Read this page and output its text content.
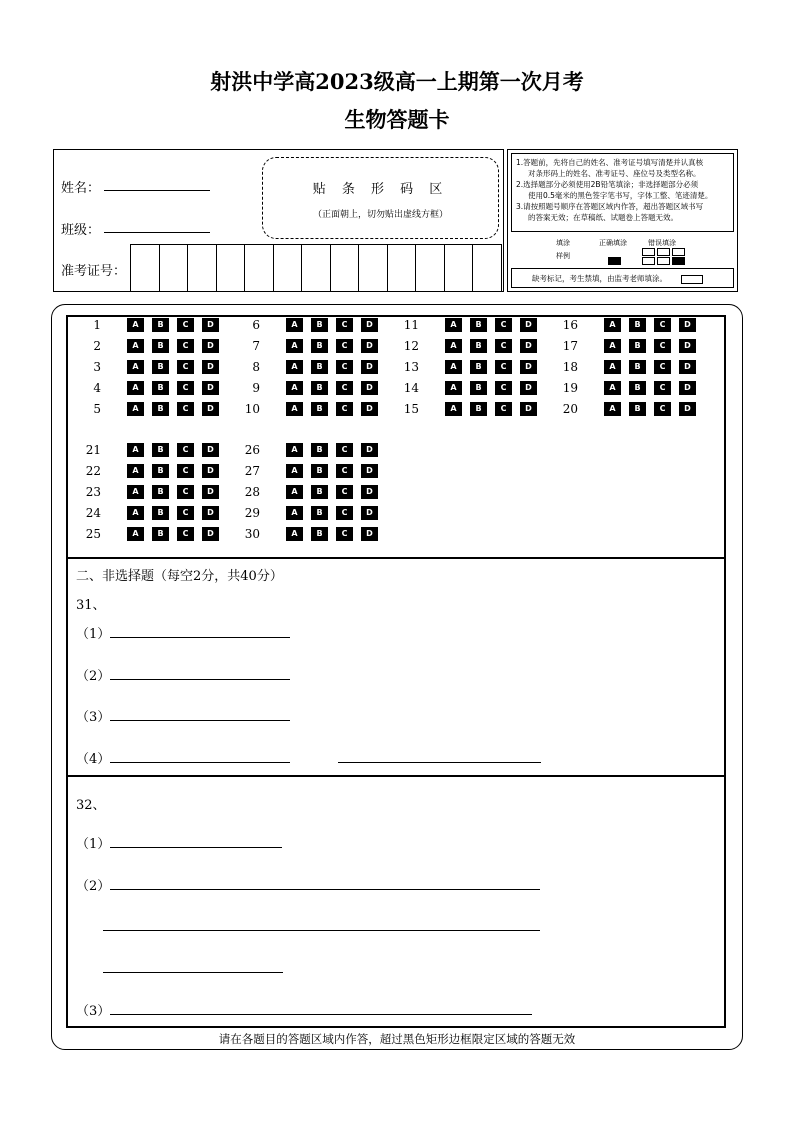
射洪中学高2023级高一上期第一次月考
生物答题卡
姓名：
班级：
准考证号：
贴 条 形 码 区
（正面朝上，切勿贴出虚线方框）
1.答题前，先将自己的姓名、准考证号填写清楚并认真核
对条形码上的姓名、准考证号、座位号及类型名称。
2.选择题部分必须使用2B铅笔填涂；非选择题部分必须
使用0.5毫米的黑色签字笔书写，字体工整、笔迹清楚。
3.请按照题号顺序在答题区域内作答，超出答题区域书写
的答案无效；在草稿纸、试题卷上答题无效。
填涂
样例
正确填涂	错误填涂

缺考标记，考生禁填，由监考老师填涂。
1	A	B	C	D
2	A	B	C	D
3	A	B	C	D
4	A	B	C	D
5	A	B	C	D
6	A	B	C	D
7	A	B	C	D
8	A	B	C	D
9	A	B	C	D
10	A	B	C	D
11	A	B	C	D
12	A	B	C	D
13	A	B	C	D
14	A	B	C	D
15	A	B	C	D
16	A	B	C	D
17	A	B	C	D
18	A	B	C	D
19	A	B	C	D
20	A	B	C	D
21	A	B	C	D
22	A	B	C	D
23	A	B	C	D
24	A	B	C	D
25	A	B	C	D
26	A	B	C	D
27	A	B	C	D
28	A	B	C	D
29	A	B	C	D
30	A	B	C	D
二、非选择题（每空2分，共40分）
31、
（1）
（2）
（3）
（4）
32、
（1）
（2）
（3）
请在各题目的答题区域内作答，超过黑色矩形边框限定区域的答题无效
